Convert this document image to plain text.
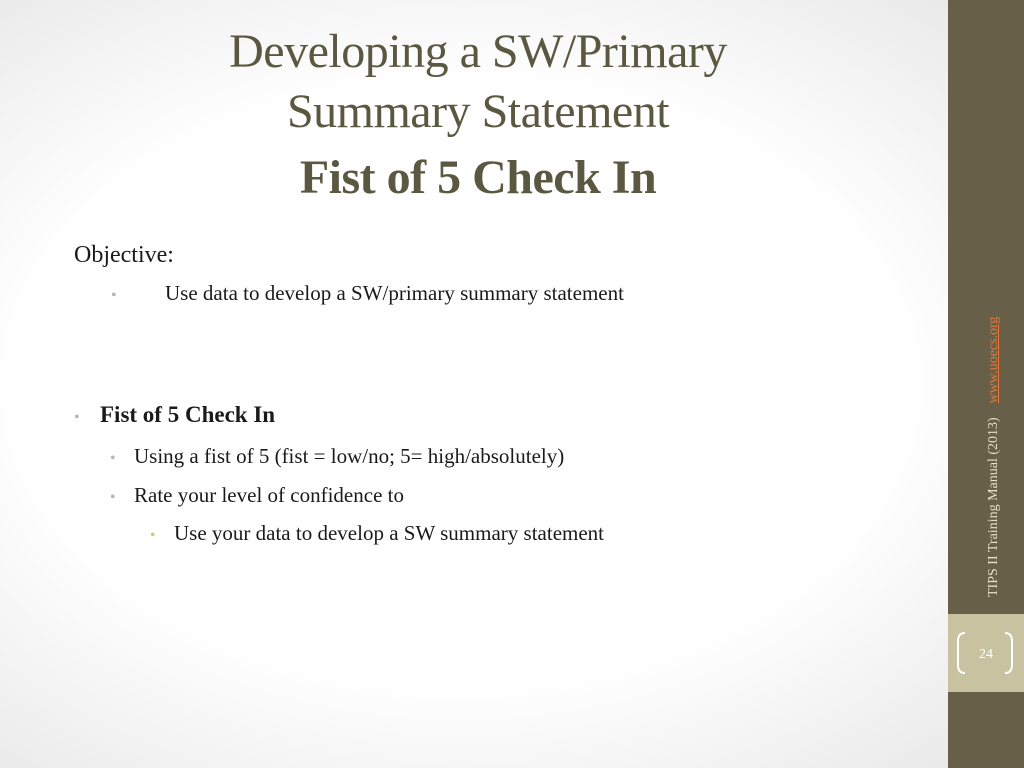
Developing a SW/Primary
Summary Statement
Fist of 5 Check In
Objective:
•	Use data to develop a SW/primary summary statement
• Fist of 5 Check In
• Using a fist of 5 (fist = low/no; 5= high/absolutely)
• Rate your level of confidence to
• Use your data to develop a SW summary statement
24
TIPS II Training Manual (2013)www.uoecs.org
